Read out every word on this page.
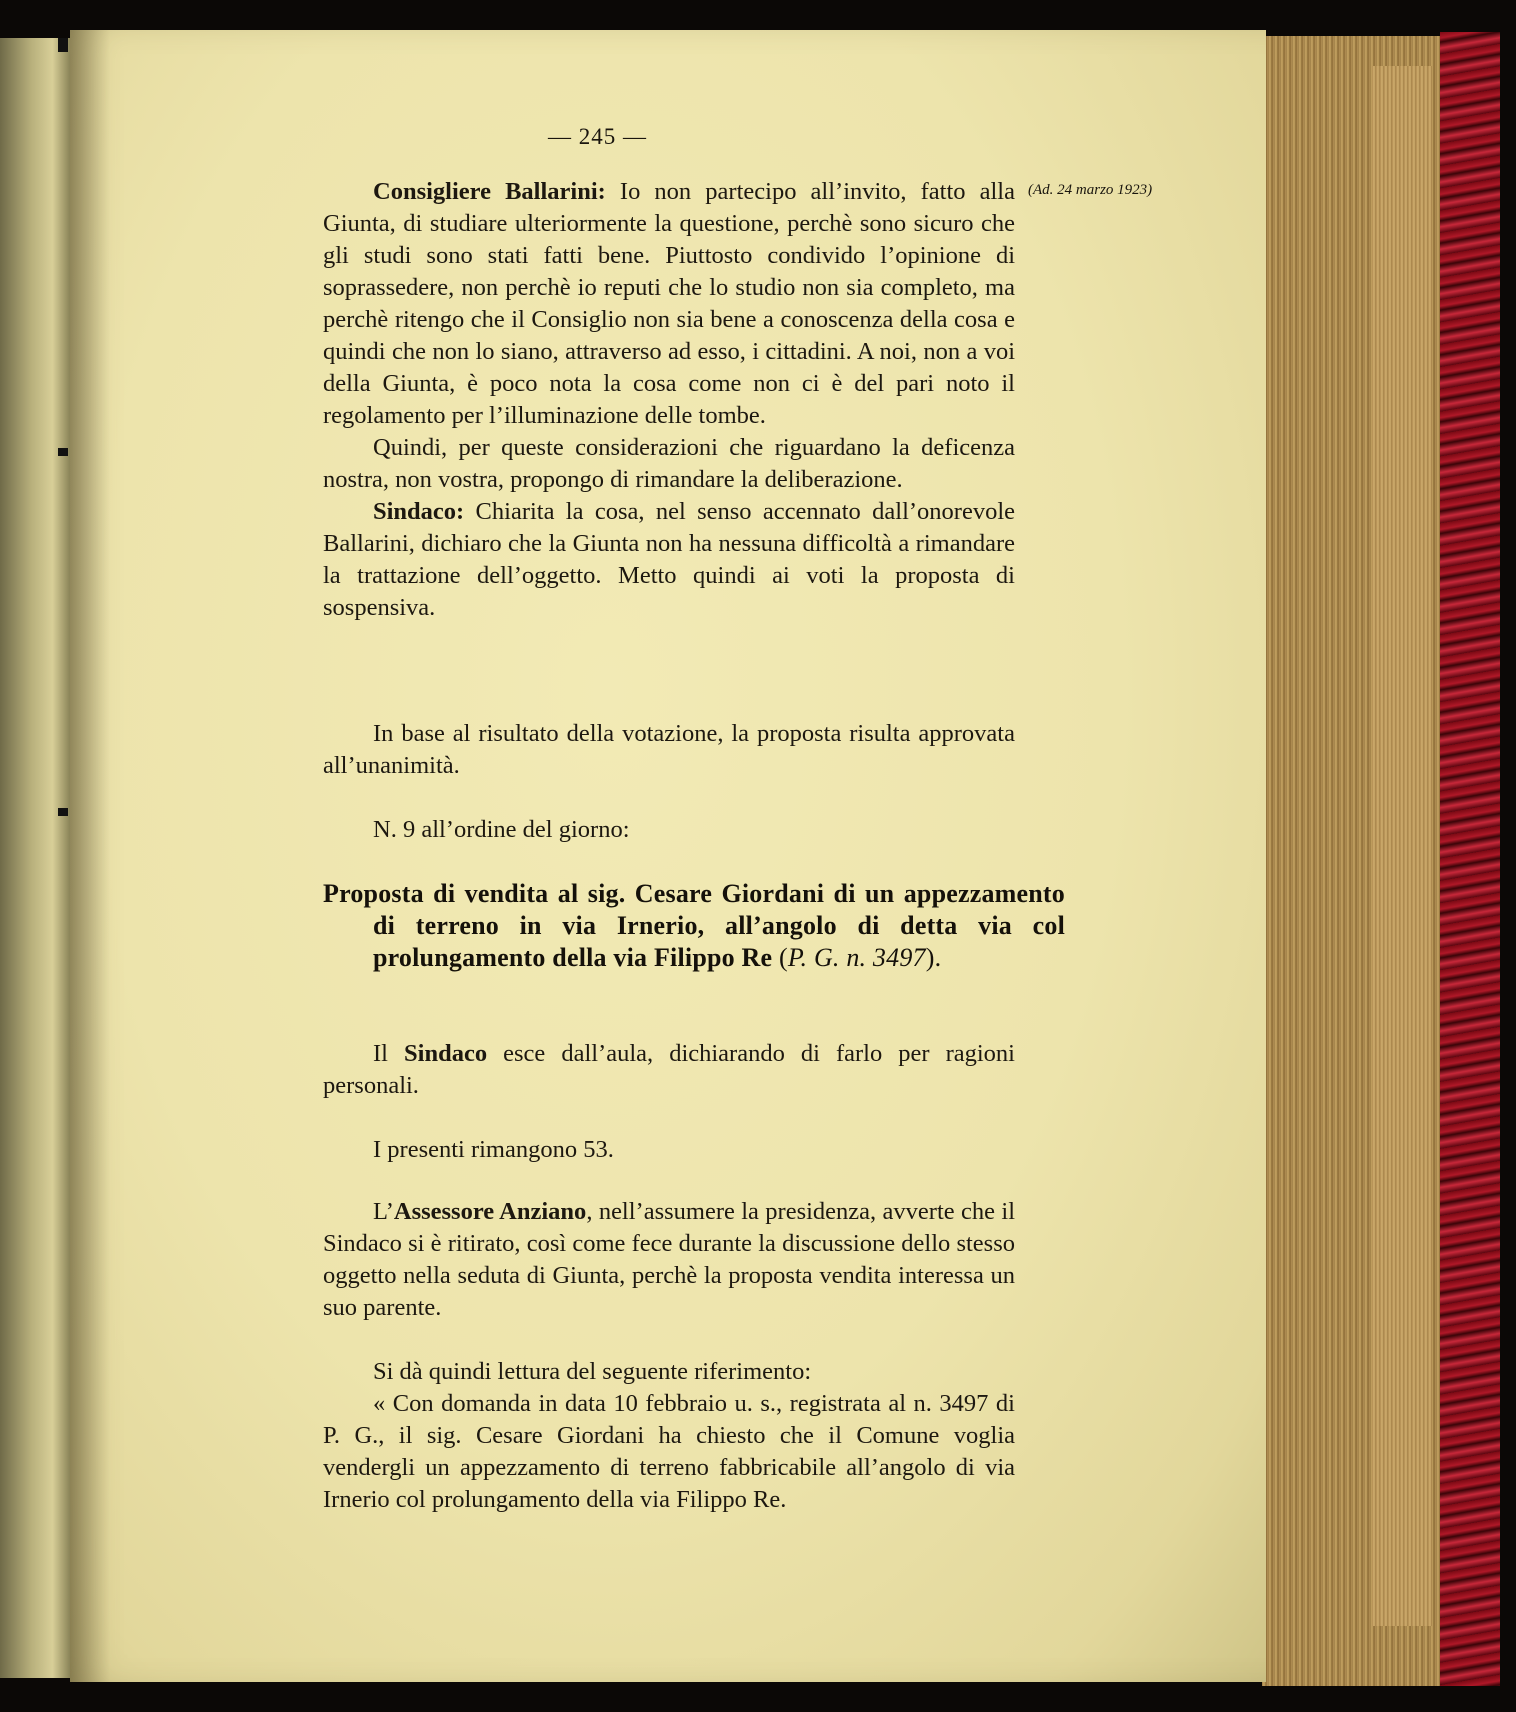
— 245 —
(Ad. 24 marzo 1923)

Consigliere Ballarini: Io non partecipo all’invito, fatto alla Giunta, di studiare ulteriormente la questione, perchè sono sicuro che gli studi sono stati fatti bene. Piuttosto condivido l’opinione di soprassedere, non perchè io reputi che lo studio non sia completo, ma perchè ritengo che il Consiglio non sia bene a conoscenza della cosa e quindi che non lo siano, attraverso ad esso, i cittadini. A noi, non a voi della Giunta, è poco nota la cosa come non ci è del pari noto il regolamento per l’illuminazione delle tombe.

Quindi, per queste considerazioni che riguardano la deficenza nostra, non vostra, propongo di rimandare la deliberazione.

Sindaco: Chiarita la cosa, nel senso accennato dall’onorevole Ballarini, dichiaro che la Giunta non ha nessuna difficoltà a rimandare la trattazione dell’oggetto. Metto quindi ai voti la proposta di sospensiva.

In base al risultato della votazione, la proposta risulta approvata all’unanimità.

N. 9 all’ordine del giorno:

Proposta di vendita al sig. Cesare Giordani di un appezzamento di terreno in via Irnerio, all’angolo di detta via col prolungamento della via Filippo Re (P. G. n. 3497).

Il Sindaco esce dall’aula, dichiarando di farlo per ragioni personali.

I presenti rimangono 53.

L’Assessore Anziano, nell’assumere la presidenza, avverte che il Sindaco si è ritirato, così come fece durante la discussione dello stesso oggetto nella seduta di Giunta, perchè la proposta vendita interessa un suo parente.

Si dà quindi lettura del seguente riferimento:

« Con domanda in data 10 febbraio u. s., registrata al n. 3497 di P. G., il sig. Cesare Giordani ha chiesto che il Comune voglia vendergli un appezzamento di terreno fabbricabile all’angolo di via Irnerio col prolungamento della via Filippo Re.
